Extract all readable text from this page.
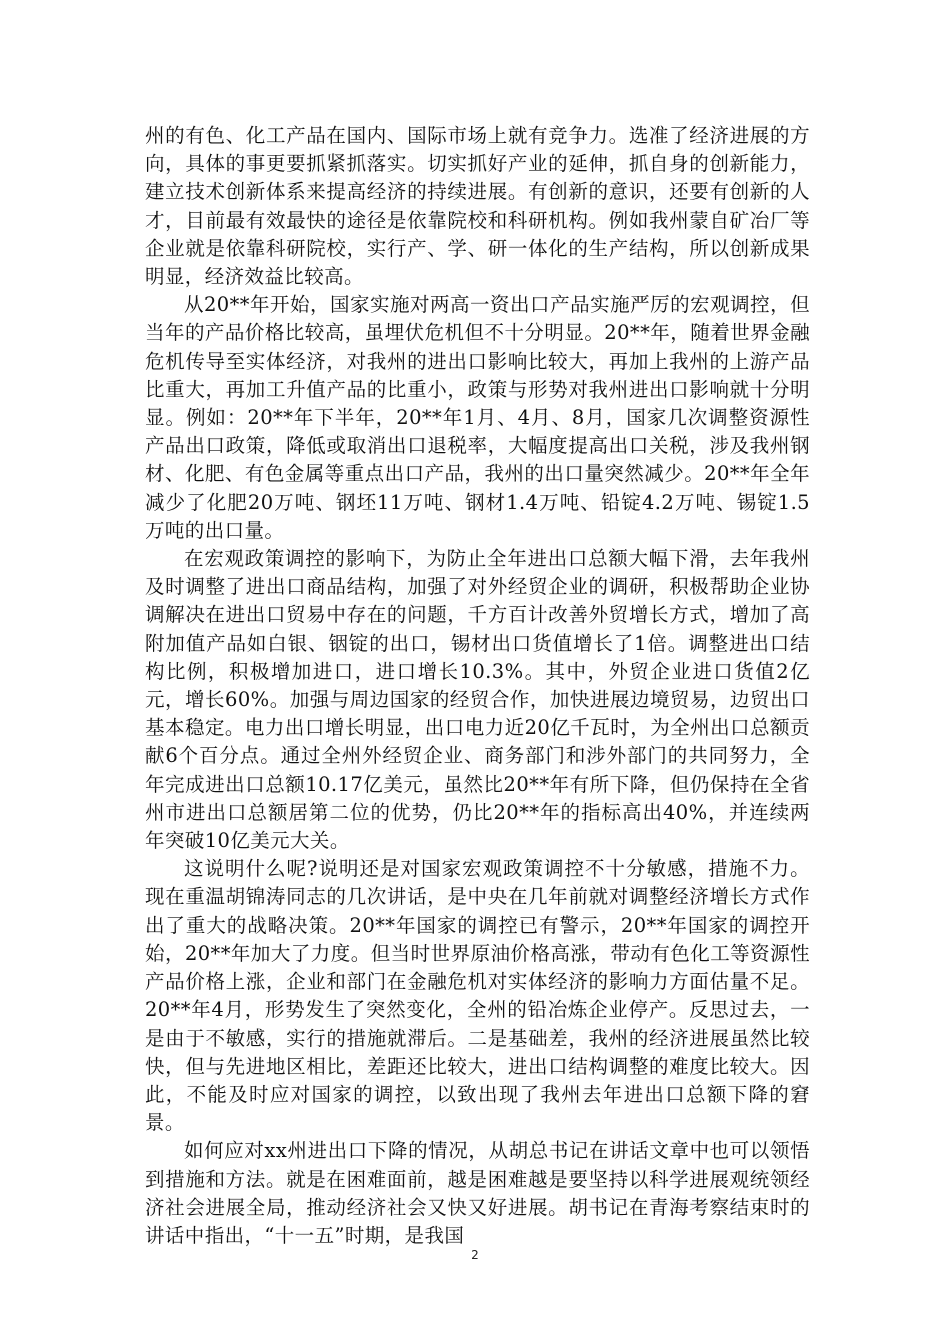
州的有色、化工产品在国内、国际市场上就有竞争力。选准了经济进展的方向，具体的事更要抓紧抓落实。切实抓好产业的延伸，抓自身的创新能力，建立技术创新体系来提高经济的持续进展。有创新的意识，还要有创新的人才，目前最有效最快的途径是依靠院校和科研机构。例如我州蒙自矿冶厂等企业就是依靠科研院校，实行产、学、研一体化的生产结构，所以创新成果明显，经济效益比较高。

从20**年开始，国家实施对两高一资出口产品实施严厉的宏观调控，但当年的产品价格比较高，虽埋伏危机但不十分明显。20**年，随着世界金融危机传导至实体经济，对我州的进出口影响比较大，再加上我州的上游产品比重大，再加工升值产品的比重小，政策与形势对我州进出口影响就十分明显。例如：20**年下半年，20**年1月、4月、8月，国家几次调整资源性产品出口政策，降低或取消出口退税率，大幅度提高出口关税，涉及我州钢材、化肥、有色金属等重点出口产品，我州的出口量突然减少。20**年全年减少了化肥20万吨、钢坯11万吨、钢材1.4万吨、铅锭4.2万吨、锡锭1.5万吨的出口量。

在宏观政策调控的影响下，为防止全年进出口总额大幅下滑，去年我州及时调整了进出口商品结构，加强了对外经贸企业的调研，积极帮助企业协调解决在进出口贸易中存在的问题，千方百计改善外贸增长方式，增加了高附加值产品如白银、铟锭的出口，锡材出口货值增长了1倍。调整进出口结构比例，积极增加进口，进口增长10.3%。其中，外贸企业进口货值2亿元，增长60%。加强与周边国家的经贸合作，加快进展边境贸易，边贸出口基本稳定。电力出口增长明显，出口电力近20亿千瓦时，为全州出口总额贡献6个百分点。通过全州外经贸企业、商务部门和涉外部门的共同努力，全年完成进出口总额10.17亿美元，虽然比20**年有所下降，但仍保持在全省州市进出口总额居第二位的优势，仍比20**年的指标高出40%，并连续两年突破10亿美元大关。

这说明什么呢?说明还是对国家宏观政策调控不十分敏感，措施不力。现在重温胡锦涛同志的几次讲话，是中央在几年前就对调整经济增长方式作出了重大的战略决策。20**年国家的调控已有警示，20**年国家的调控开始，20**年加大了力度。但当时世界原油价格高涨，带动有色化工等资源性产品价格上涨，企业和部门在金融危机对实体经济的影响力方面估量不足。20**年4月，形势发生了突然变化，全州的铅冶炼企业停产。反思过去，一是由于不敏感，实行的措施就滞后。二是基础差，我州的经济进展虽然比较快，但与先进地区相比，差距还比较大，进出口结构调整的难度比较大。因此，不能及时应对国家的调控，以致出现了我州去年进出口总额下降的窘景。

如何应对xx州进出口下降的情况，从胡总书记在讲话文章中也可以领悟到措施和方法。就是在困难面前，越是困难越是要坚持以科学进展观统领经济社会进展全局，推动经济社会又快又好进展。胡书记在青海考察结束时的讲话中指出，“十一五”时期，是我国

2
